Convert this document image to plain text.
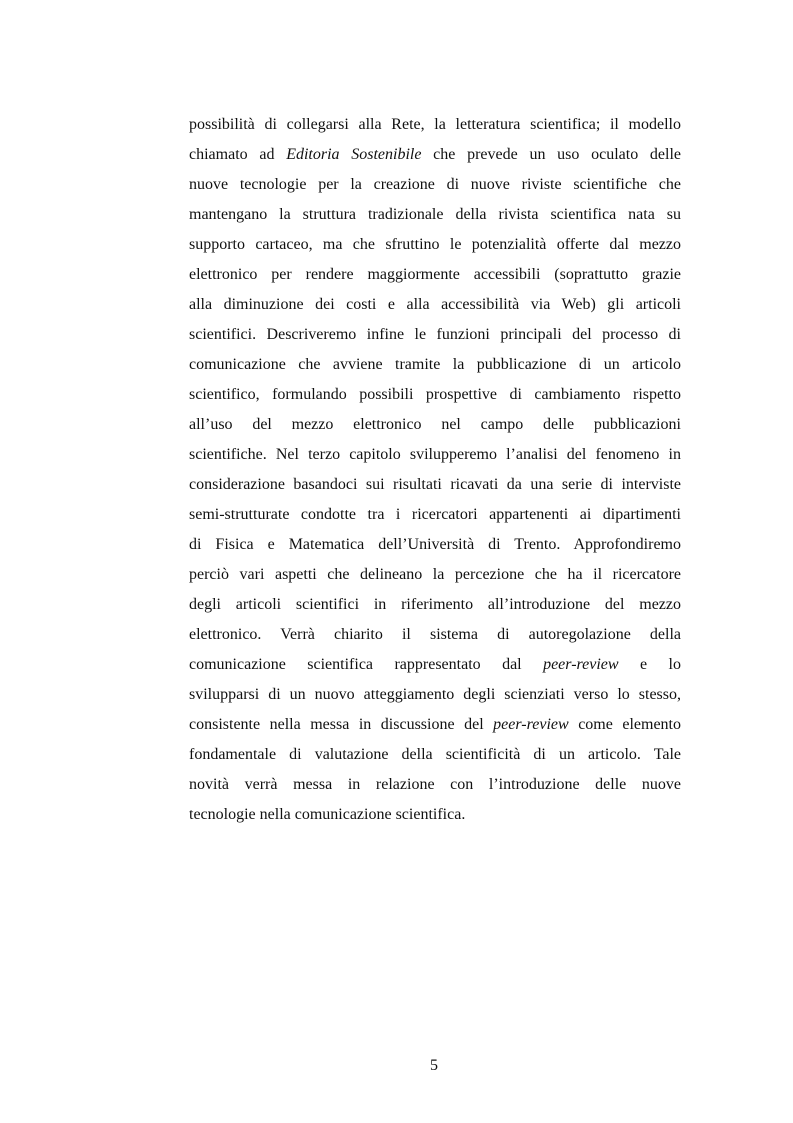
possibilità di collegarsi alla Rete, la letteratura scientifica; il modello
chiamato ad Editoria Sostenibile che prevede un uso oculato delle
nuove tecnologie per la creazione di nuove riviste scientifiche che
mantengano la struttura tradizionale della rivista scientifica nata su
supporto cartaceo, ma che sfruttino le potenzialità offerte dal mezzo
elettronico per rendere maggiormente accessibili (soprattutto grazie
alla diminuzione dei costi e alla accessibilità via Web) gli articoli
scientifici. Descriveremo infine le funzioni principali del processo di
comunicazione che avviene tramite la pubblicazione di un articolo
scientifico, formulando possibili prospettive di cambiamento rispetto
all’uso del mezzo elettronico nel campo delle pubblicazioni
scientifiche. Nel terzo capitolo svilupperemo l’analisi del fenomeno in
considerazione basandoci sui risultati ricavati da una serie di interviste
semi-strutturate condotte tra i ricercatori appartenenti ai dipartimenti
di Fisica e Matematica dell’Università di Trento. Approfondiremo
perciò vari aspetti che delineano la percezione che ha il ricercatore
degli articoli scientifici in riferimento all’introduzione del mezzo
elettronico. Verrà chiarito il sistema di autoregolazione della
comunicazione scientifica rappresentato dal peer-review e lo
svilupparsi di un nuovo atteggiamento degli scienziati verso lo stesso,
consistente nella messa in discussione del peer-review come elemento
fondamentale di valutazione della scientificità di un articolo. Tale
novità verrà messa in relazione con l’introduzione delle nuove
tecnologie nella comunicazione scientifica.
5
